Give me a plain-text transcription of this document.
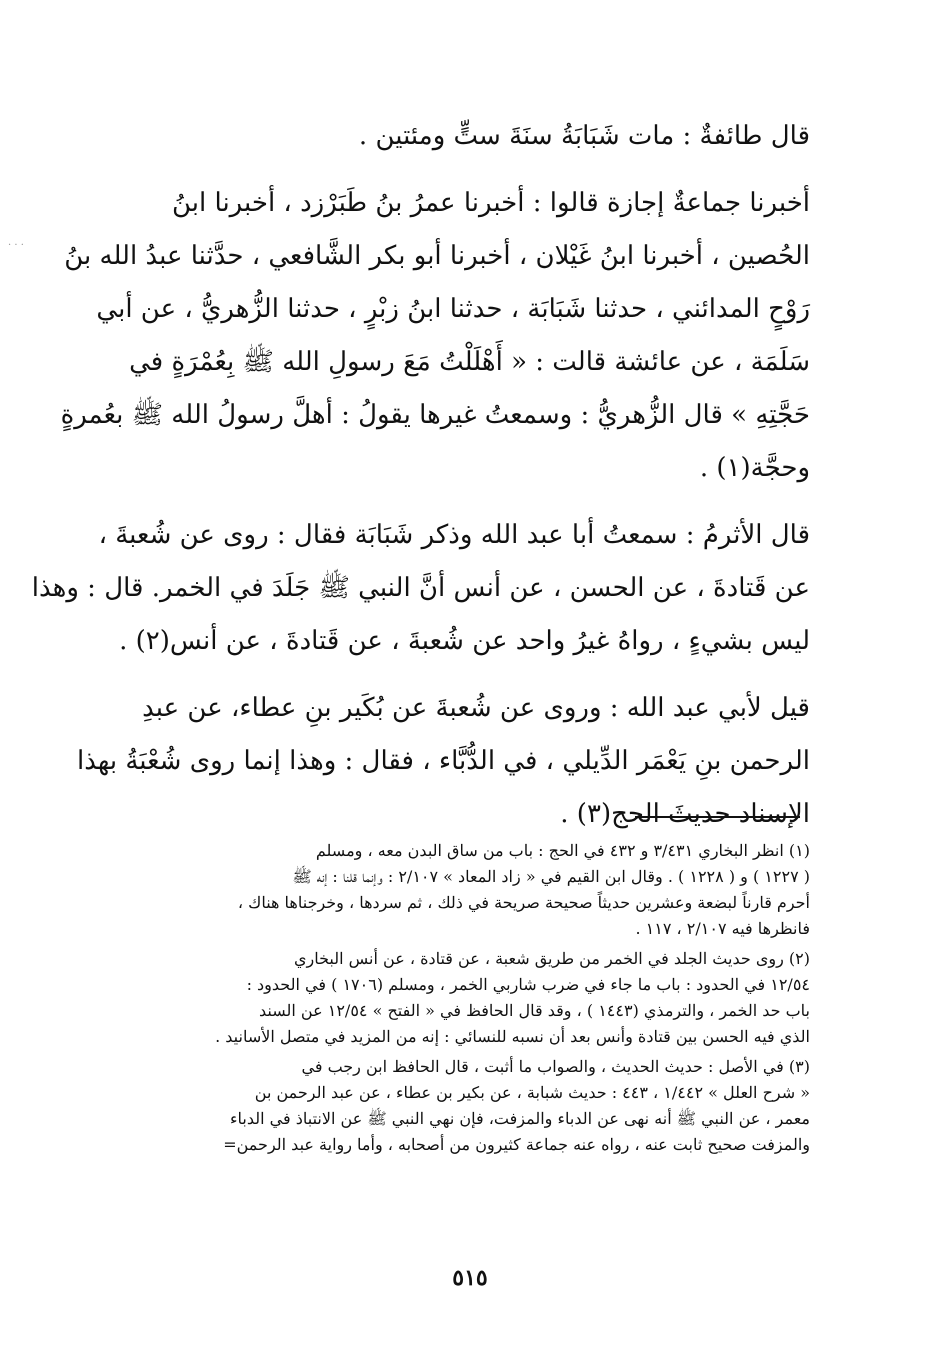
قال طائفةٌ : مات شَبَابَةُ سنَةَ ستٍّ ومئتين .
أخبرنا جماعةٌ إجازة قالوا : أخبرنا عمرُ بنُ طَبَرْزد ، أخبرنا ابنُ
الحُصين ، أخبرنا ابنُ غَيْلان ، أخبرنا أبو بكر الشَّافعي ، حدَّثنا عبدُ الله بنُ
رَوْحٍ المدائني ، حدثنا شَبَابَة ، حدثنا ابنُ زبْرٍ ، حدثنا الزُّهريُّ ، عن أبي
سَلَمَة ، عن عائشة قالت : « أَهْلَلْتُ مَعَ رسولِ الله ﷺ بِعُمْرَةٍ في
حَجَّتِهِ » قال الزُّهريُّ : وسمعتُ غيرها يقولُ : أهلَّ رسولُ الله ﷺ بعُمرةٍ
وحجَّة(١) .
قال الأثرمُ : سمعتُ أبا عبد الله وذكر شَبَابَة فقال : روى عن شُعبةَ ،
عن قَتادةَ ، عن الحسن ، عن أنس أنَّ النبي ﷺ جَلَدَ في الخمر. قال : وهذا
ليس بشيءٍ ، رواهُ غيرُ واحد عن شُعبةَ ، عن قَتادةَ ، عن أنس(٢) .
قيل لأبي عبد الله : وروى عن شُعبةَ عن بُكَير بنِ عطاء، عن عبدِ
الرحمن بنِ يَعْمَر الدِّيلي ، في الدُّبَّاء ، فقال : وهذا إنما روى شُعْبَةُ بهذا
الإسناد حديثَ الحج(٣) .
(١) انظر البخاري ٣/٤٣١ و ٤٣٢ في الحج : باب من ساق البدن معه ، ومسلم
( ١٢٢٧ ) و ( ١٢٢٨ ) . وقال ابن القيم في « زاد المعاد » ٢/١٠٧ : وإنما قلنا : إنه ﷺ
أحرم قارناً لبضعة وعشرين حديثاً صحيحة صريحة في ذلك ، ثم سردها ، وخرجناها هناك ،
فانظرها فيه ٢/١٠٧ ، ١١٧ .
(٢) روى حديث الجلد في الخمر من طريق شعبة ، عن قتادة ، عن أنس البخاري
١٢/٥٤ في الحدود : باب ما جاء في ضرب شاربي الخمر ، ومسلم (١٧٠٦ ) في الحدود :
باب حد الخمر ، والترمذي (١٤٤٣ ) ، وقد قال الحافظ في « الفتح » ١٢/٥٤ عن السند
الذي فيه الحسن بين قتادة وأنس بعد أن نسبه للنسائي : إنه من المزيد في متصل الأسانيد .
(٣) في الأصل : حديث الحديث ، والصواب ما أثبت ، قال الحافظ ابن رجب في
« شرح العلل » ١/٤٤٢ ، ٤٤٣ : حديث شبابة ، عن بكير بن عطاء ، عن عبد الرحمن بن
معمر ، عن النبي ﷺ أنه نهى عن الدباء والمزفت، فإن نهي النبي ﷺ عن الانتباذ في الدباء
والمزفت صحيح ثابت عنه ، رواه عنه جماعة كثيرون من أصحابه ، وأما رواية عبد الرحمن=
٥١٥
· · ·
